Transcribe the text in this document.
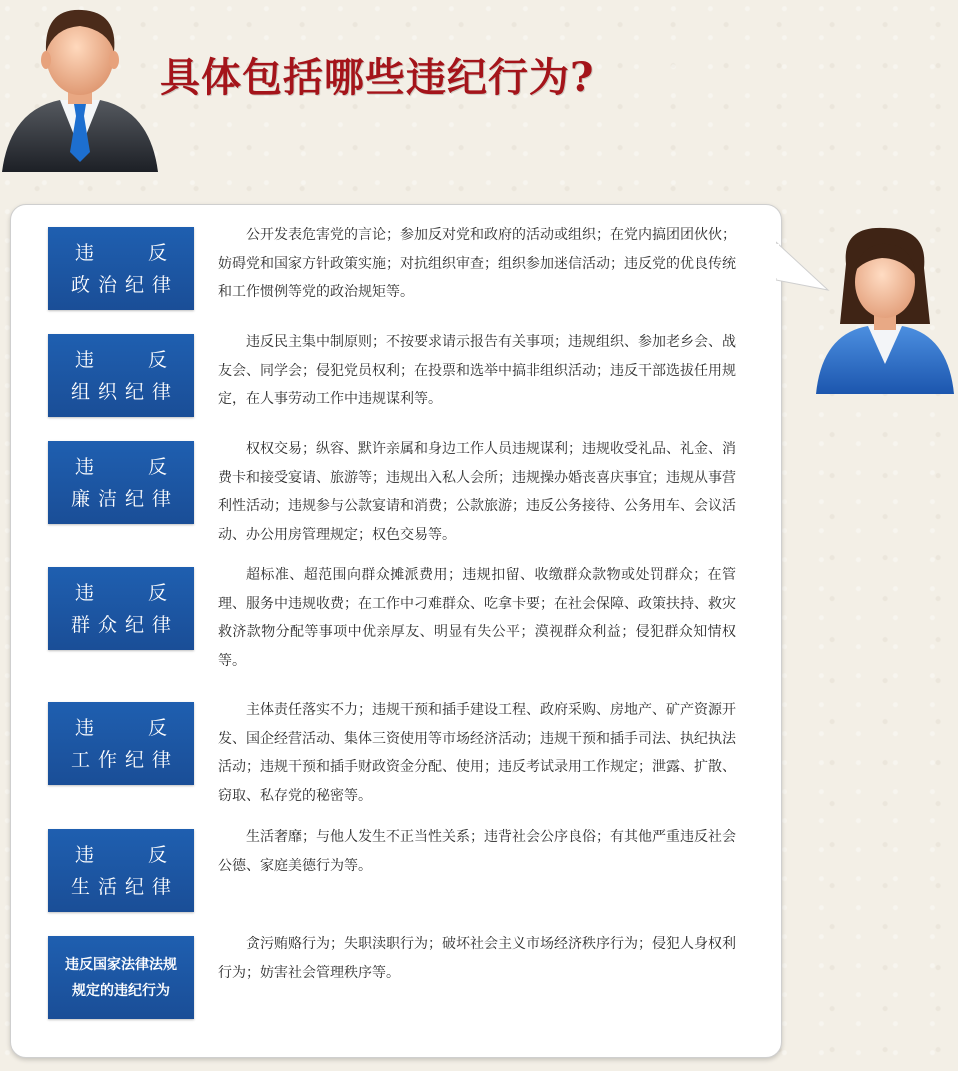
具体包括哪些违纪行为?
违 反
政治纪律
公开发表危害党的言论；参加反对党和政府的活动或组织；在党内搞团团伙伙；妨碍党和国家方针政策实施；对抗组织审查；组织参加迷信活动；违反党的优良传统和工作惯例等党的政治规矩等。
违 反
组织纪律
违反民主集中制原则；不按要求请示报告有关事项；违规组织、参加老乡会、战友会、同学会；侵犯党员权利；在投票和选举中搞非组织活动；违反干部选拔任用规定，在人事劳动工作中违规谋利等。
违 反
廉洁纪律
权权交易；纵容、默许亲属和身边工作人员违规谋利；违规收受礼品、礼金、消费卡和接受宴请、旅游等；违规出入私人会所；违规操办婚丧喜庆事宜；违规从事营利性活动；违规参与公款宴请和消费；公款旅游；违反公务接待、公务用车、会议活动、办公用房管理规定；权色交易等。
违 反
群众纪律
超标准、超范围向群众摊派费用；违规扣留、收缴群众款物或处罚群众；在管理、服务中违规收费；在工作中刁难群众、吃拿卡要；在社会保障、政策扶持、救灾救济款物分配等事项中优亲厚友、明显有失公平；漠视群众利益；侵犯群众知情权等。
违 反
工作纪律
主体责任落实不力；违规干预和插手建设工程、政府采购、房地产、矿产资源开发、国企经营活动、集体三资使用等市场经济活动；违规干预和插手司法、执纪执法活动；违规干预和插手财政资金分配、使用；违反考试录用工作规定；泄露、扩散、窃取、私存党的秘密等。
违 反
生活纪律
生活奢靡；与他人发生不正当性关系；违背社会公序良俗；有其他严重违反社会公德、家庭美德行为等。
违反国家法律法规
规定的违纪行为
贪污贿赂行为；失职渎职行为；破坏社会主义市场经济秩序行为；侵犯人身权利行为；妨害社会管理秩序等。
